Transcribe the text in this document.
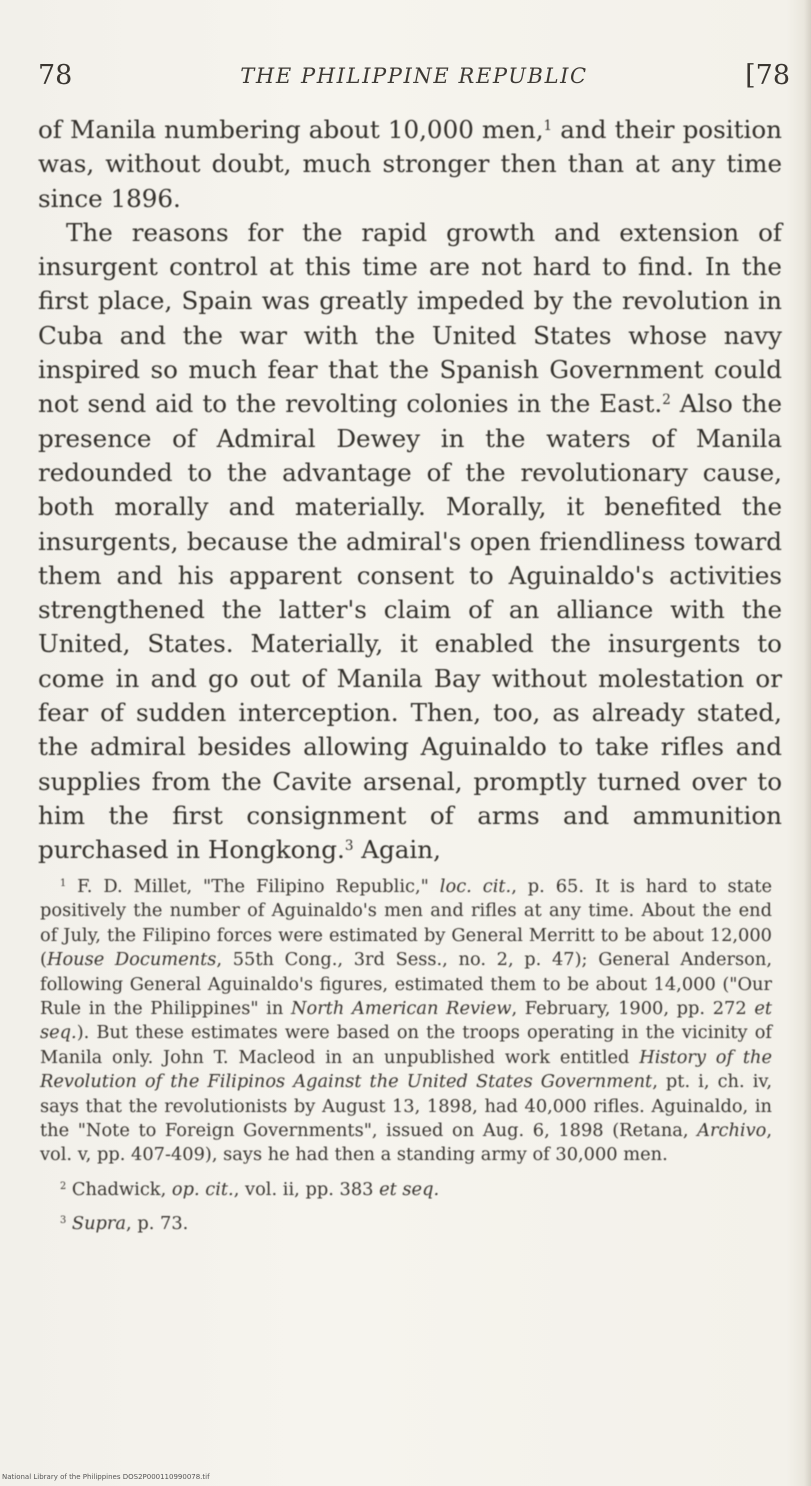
78	THE PHILIPPINE REPUBLIC	[78

of Manila numbering about 10,000 men,$^1$ and their position was, without doubt, much stronger then than at any time since 1896.

The reasons for the rapid growth and extension of insurgent control at this time are not hard to find. In the first place, Spain was greatly impeded by the revolution in Cuba and the war with the United States whose navy inspired so much fear that the Spanish Government could not send aid to the revolting colonies in the East.$^2$ Also the presence of Admiral Dewey in the waters of Manila redounded to the advantage of the revolutionary cause, both morally and materially. Morally, it benefited the insurgents, because the admiral's open friendliness toward them and his apparent consent to Aguinaldo's activities strengthened the latter's claim of an alliance with the United, States. Materially, it enabled the insurgents to come in and go out of Manila Bay without molestation or fear of sudden interception. Then, too, as already stated, the admiral besides allowing Aguinaldo to take rifles and supplies from the Cavite arsenal, promptly turned over to him the first consignment of arms and ammunition purchased in Hongkong.$^3$ Again,

$^1$ F. D. Millet, "The Filipino Republic," loc. cit., p. 65. It is hard to state positively the number of Aguinaldo's men and rifles at any time. About the end of July, the Filipino forces were estimated by General Merritt to be about 12,000 (House Documents, 55th Cong., 3rd Sess., no. 2, p. 47); General Anderson, following General Aguinaldo's figures, estimated them to be about 14,000 ("Our Rule in the Philippines" in North American Review, February, 1900, pp. 272 et seq.). But these estimates were based on the troops operating in the vicinity of Manila only. John T. Macleod in an unpublished work entitled History of the Revolution of the Filipinos Against the United States Government, pt. i, ch. iv, says that the revolutionists by August 13, 1898, had 40,000 rifles. Aguinaldo, in the "Note to Foreign Governments", issued on Aug. 6, 1898 (Retana, Archivo, vol. v, pp. 407-409), says he had then a standing army of 30,000 men.

$^2$ Chadwick, op. cit., vol. ii, pp. 383 et seq.

$^3$ Supra, p. 73.

National Library of the Philippines DOS2P000110990078.tif
